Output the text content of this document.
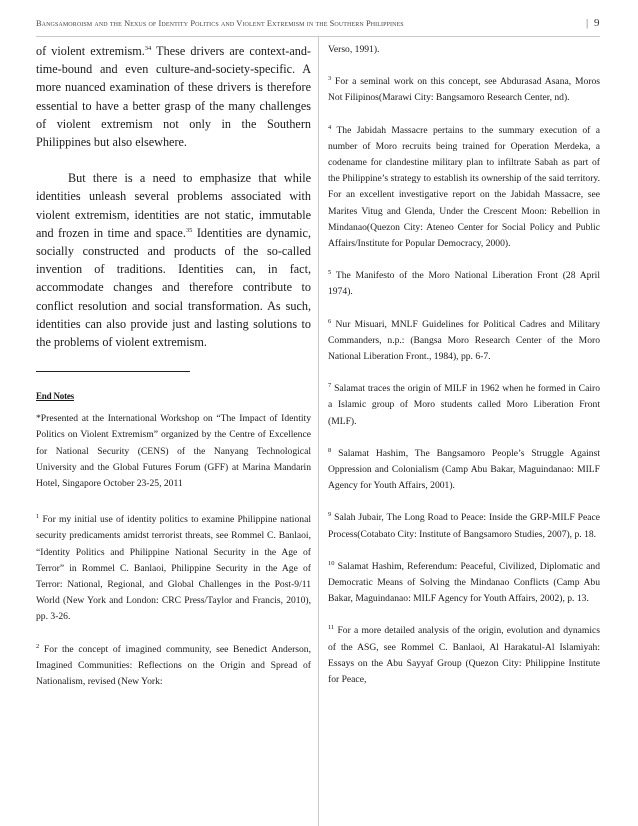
Bangsamoroism and the Nexus of Identity Politics and Violent Extremism in the Southern Philippines	| 9

of violent extremism.$^{34}$ These drivers are context-and-time-bound and even culture-and-society-specific. A more nuanced examination of these drivers is therefore essential to have a better grasp of the many challenges of violent extremism not only in the Southern Philippines but also elsewhere.

But there is a need to emphasize that while identities unleash several problems associated with violent extremism, identities are not static, immutable and frozen in time and space.$^{35}$ Identities are dynamic, socially constructed and products of the so-called invention of traditions. Identities can, in fact, accommodate changes and therefore contribute to conflict resolution and social transformation. As such, identities can also provide just and lasting solutions to the problems of violent extremism.

End Notes

*Presented at the International Workshop on “The Impact of Identity Politics on Violent Extremism” organized by the Centre of Excellence for National Security (CENS) of the Nanyang Technological University and the Global Futures Forum (GFF) at Marina Mandarin Hotel, Singapore October 23-25, 2011

$^1$ For my initial use of identity politics to examine Philippine national security predicaments amidst terrorist threats, see Rommel C. Banlaoi, “Identity Politics and Philippine National Security in the Age of Terror” in Rommel C. Banlaoi, Philippine Security in the Age of Terror: National, Regional, and Global Challenges in the Post-9/11 World (New York and London: CRC Press/Taylor and Francis, 2010), pp. 3-26.

$^2$ For the concept of imagined community, see Benedict Anderson, Imagined Communities: Reflections on the Origin and Spread of Nationalism, revised (New York:

Verso, 1991).

$^3$ For a seminal work on this concept, see Abdurasad Asana, Moros Not Filipinos(Marawi City: Bangsamoro Research Center, nd).

$^4$ The Jabidah Massacre pertains to the summary execution of a number of Moro recruits being trained for Operation Merdeka, a codename for clandestine military plan to infiltrate Sabah as part of the Philippine’s strategy to establish its ownership of the said territory. For an excellent investigative report on the Jabidah Massacre, see Marites Vitug and Glenda, Under the Crescent Moon: Rebellion in Mindanao(Quezon City: Ateneo Center for Social Policy and Public Affairs/Institute for Popular Democracy, 2000).

$^5$ The Manifesto of the Moro National Liberation Front (28 April 1974).

$^6$ Nur Misuari, MNLF Guidelines for Political Cadres and Military Commanders, n.p.: (Bangsa Moro Research Center of the Moro National Liberation Front., 1984), pp. 6-7.

$^7$ Salamat traces the origin of MILF in 1962 when he formed in Cairo a Islamic group of Moro students called Moro Liberation Front (MLF).

$^8$ Salamat Hashim, The Bangsamoro People’s Struggle Against Oppression and Colonialism (Camp Abu Bakar, Maguindanao: MILF Agency for Youth Affairs, 2001).

$^9$ Salah Jubair, The Long Road to Peace: Inside the GRP-MILF Peace Process(Cotabato City: Institute of Bangsamoro Studies, 2007), p. 18.

$^{10}$ Salamat Hashim, Referendum: Peaceful, Civilized, Diplomatic and Democratic Means of Solving the Mindanao Conflicts (Camp Abu Bakar, Maguindanao: MILF Agency for Youth Affairs, 2002), p. 13.

$^{11}$ For a more detailed analysis of the origin, evolution and dynamics of the ASG, see Rommel C. Banlaoi, Al Harakatul-Al Islamiyah: Essays on the Abu Sayyaf Group (Quezon City: Philippine Institute for Peace,
